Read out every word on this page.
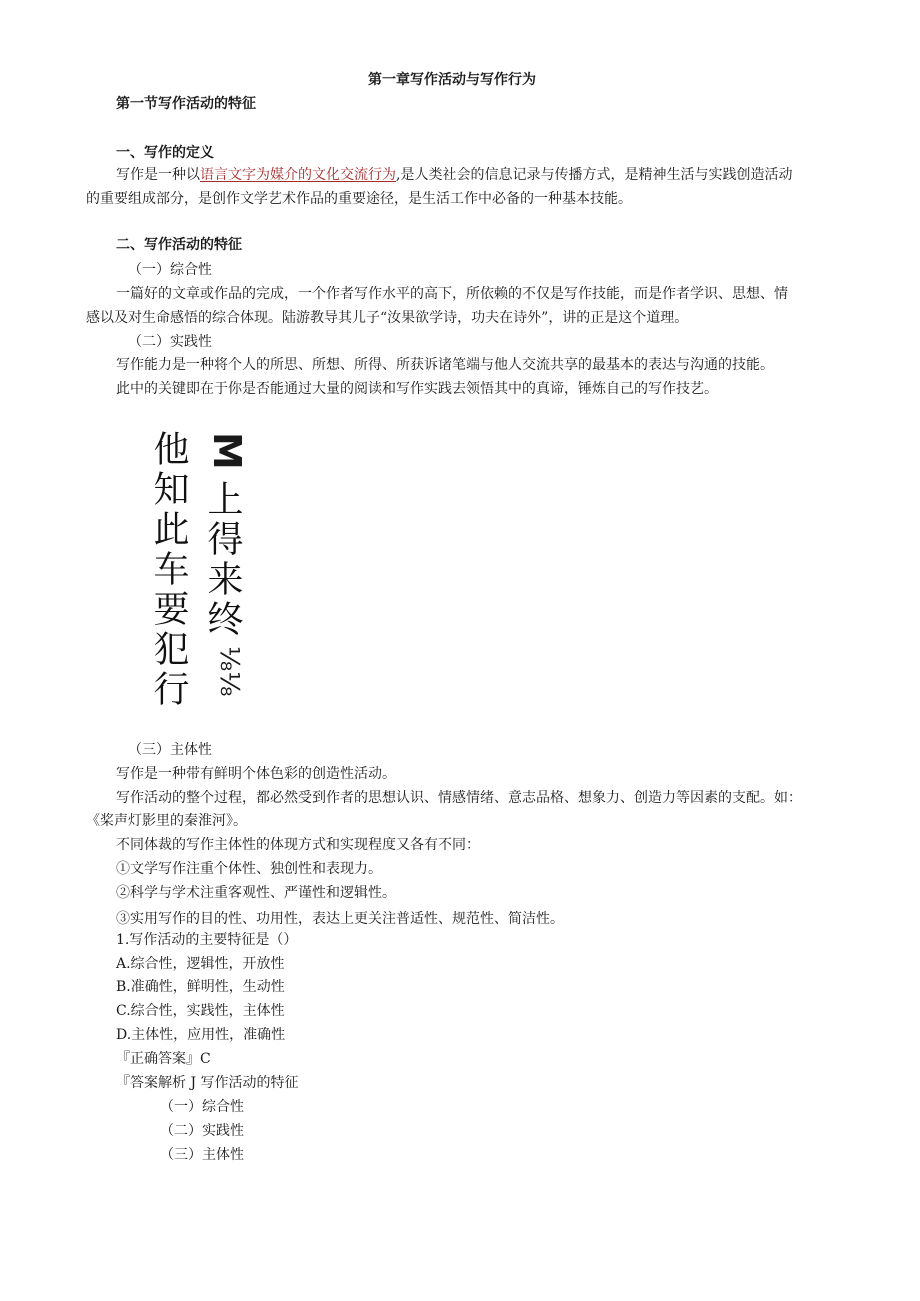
第一章写作活动与写作行为
第一节写作活动的特征
一、写作的定义
写作是一种以语言文字为媒介的文化交流行为,是人类社会的信息记录与传播方式，是精神生活与实践创造活动
的重要组成部分，是创作文学艺术作品的重要途径，是生活工作中必备的一种基本技能。
二、写作活动的特征
（一）综合性
一篇好的文章或作品的完成，一个作者写作水平的高下，所依赖的不仅是写作技能，而是作者学识、思想、情
感以及对生命感悟的综合体现。陆游教导其儿子“汝果欲学诗，功夫在诗外”，讲的正是这个道理。
（二）实践性
写作能力是一种将个人的所思、所想、所得、所获诉诸笔端与他人交流共享的最基本的表达与沟通的技能。
此中的关键即在于你是否能通过大量的阅读和写作实践去领悟其中的真谛，锤炼自己的写作技艺。
他知此车要犯行 M
上得来终
⅛⅛
（三）主体性
写作是一种带有鲜明个体色彩的创造性活动。
写作活动的整个过程，都必然受到作者的思想认识、情感情绪、意志品格、想象力、创造力等因素的支配。如：
《桨声灯影里的秦淮河》。
不同体裁的写作主体性的体现方式和实现程度又各有不同：
①文学写作注重个体性、独创性和表现力。
②科学与学术注重客观性、严谨性和逻辑性。
③实用写作的目的性、功用性，表达上更关注普适性、规范性、简洁性。
1.写作活动的主要特征是（）
A.综合性，逻辑性，开放性
B.准确性，鲜明性，生动性
C.综合性，实践性，主体性
D.主体性，应用性，准确性
『正确答案』C
『答案解析 J 写作活动的特征
（一）综合性
（二）实践性
（三）主体性
